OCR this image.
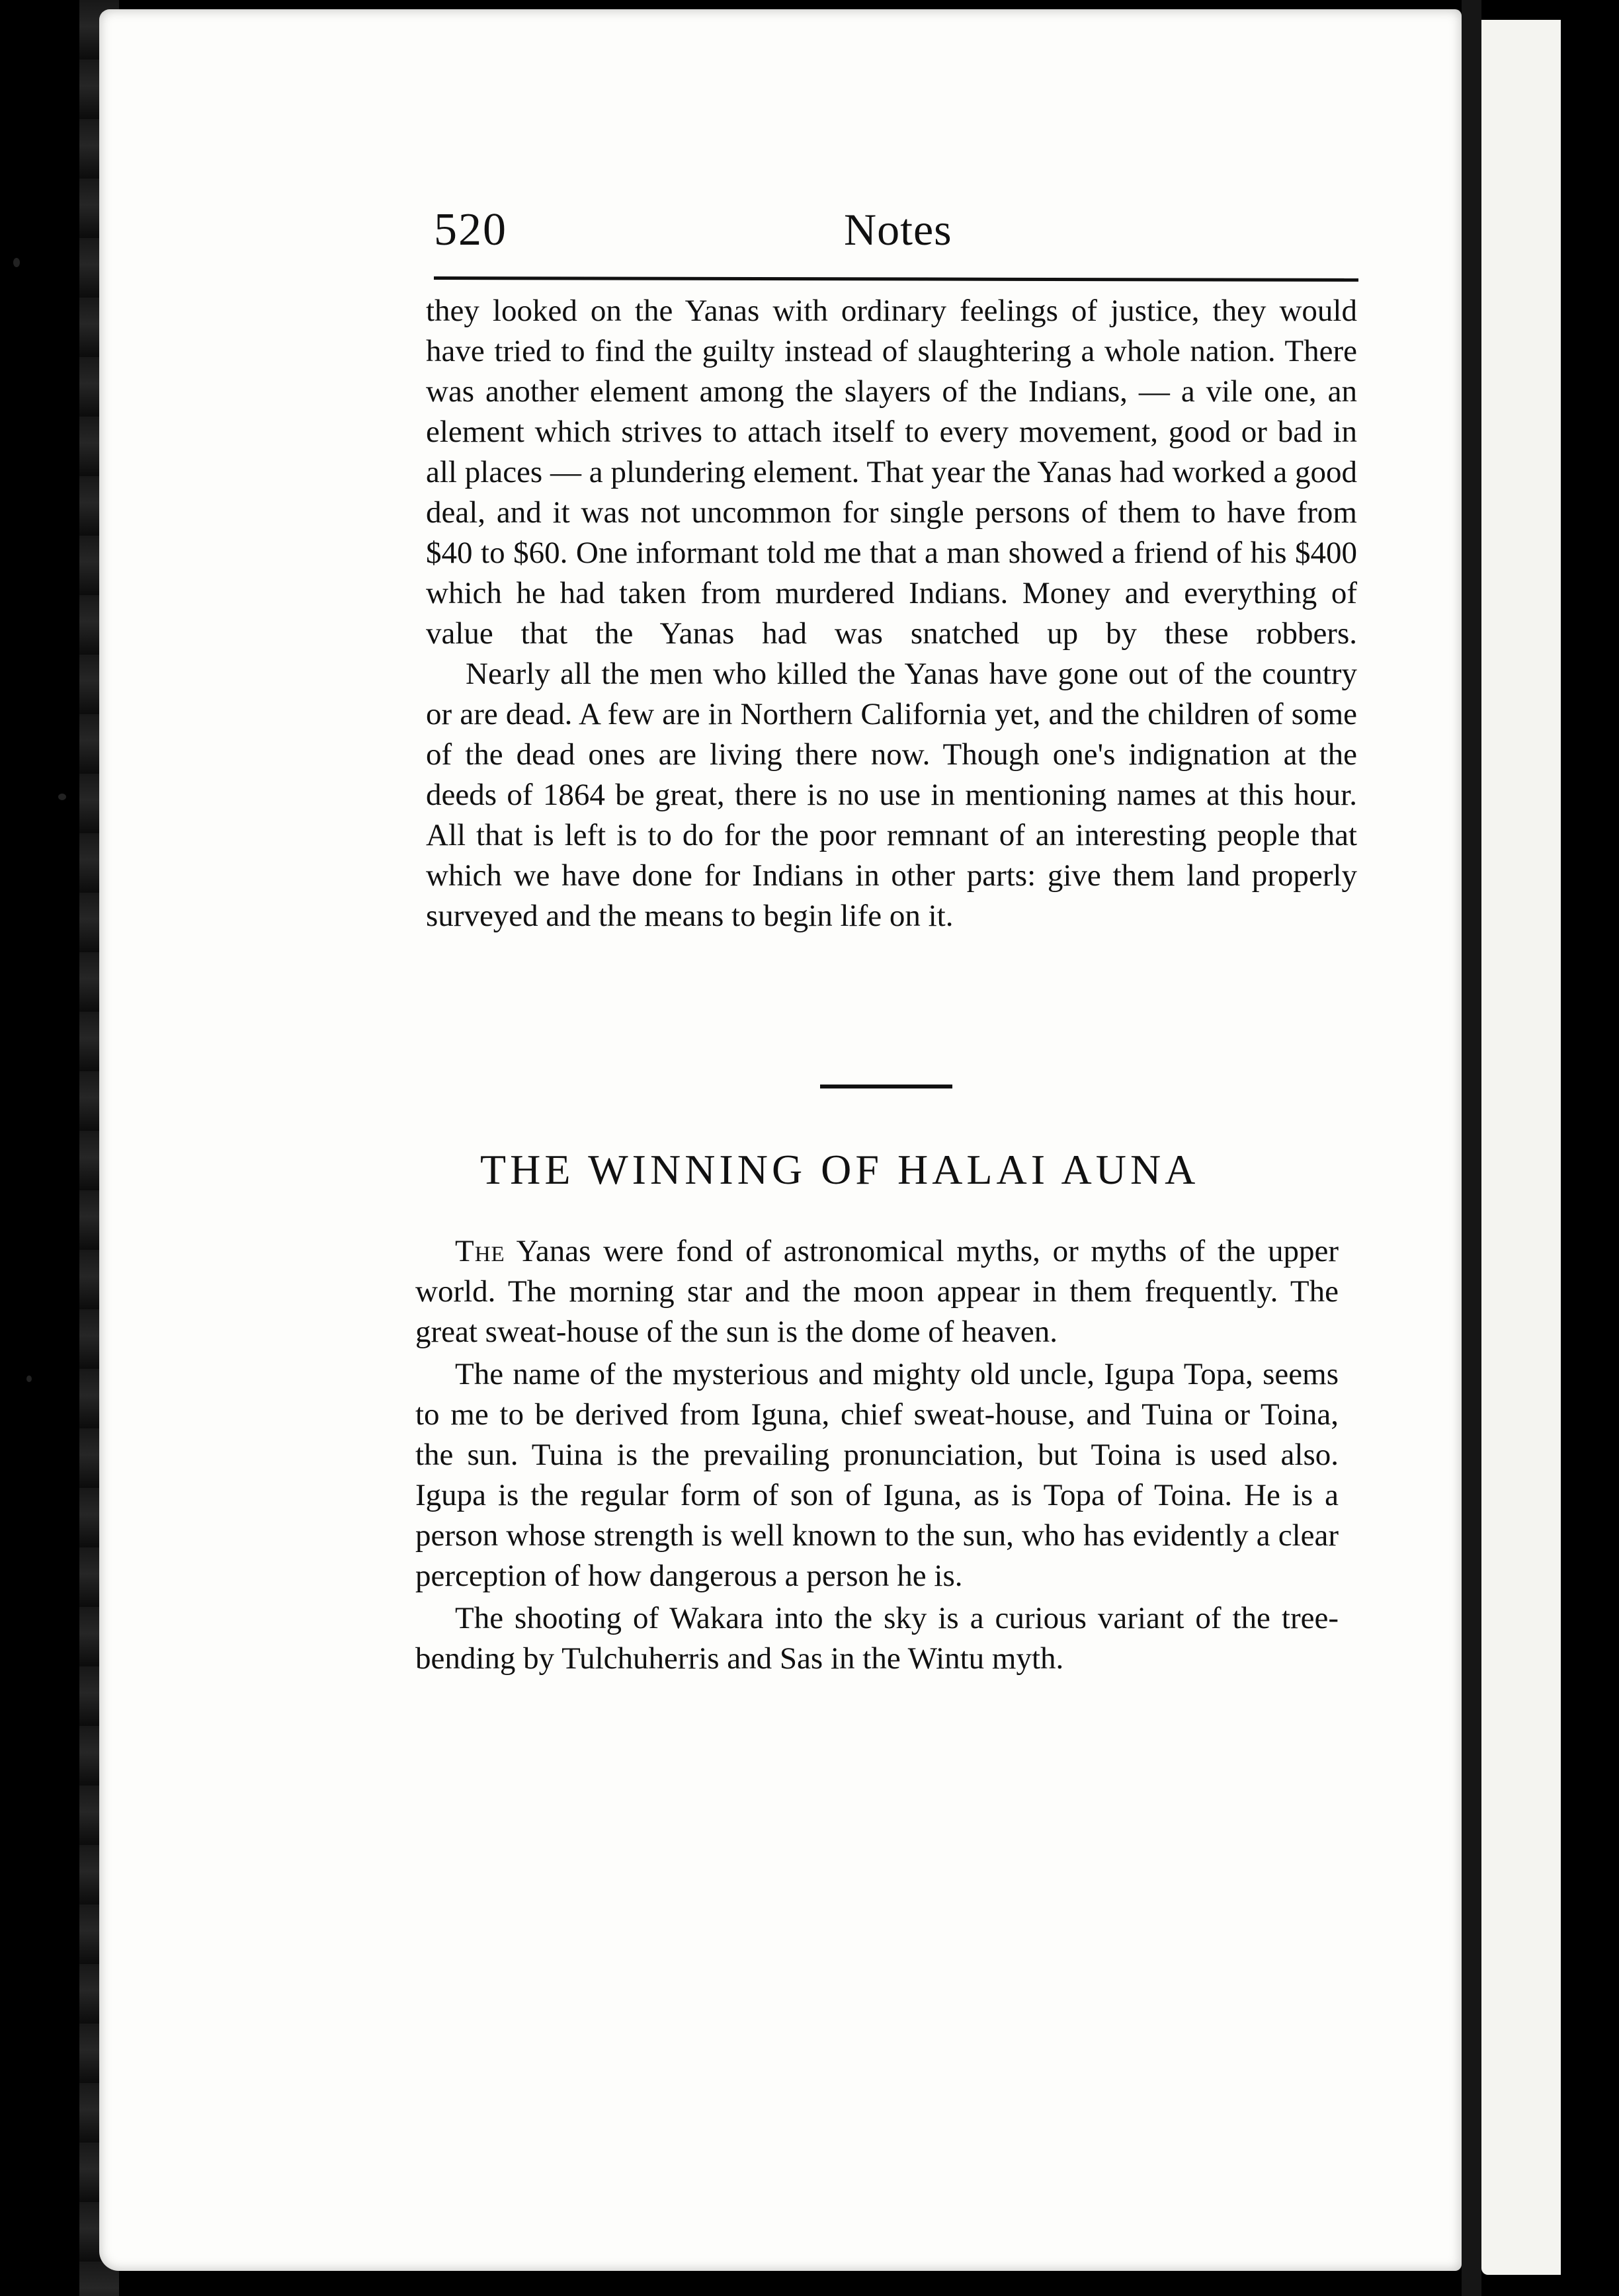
520	Notes

they looked on the Yanas with ordinary feelings of justice, they would have tried to find the guilty instead of slaughtering a whole nation. There was another element among the slayers of the Indians, — a vile one, an element which strives to attach itself to every movement, good or bad in all places — a plundering element. That year the Yanas had worked a good deal, and it was not uncommon for single persons of them to have from $40 to $60. One informant told me that a man showed a friend of his $400 which he had taken from murdered Indians. Money and everything of value that the Yanas had was snatched up by these robbers.

Nearly all the men who killed the Yanas have gone out of the country or are dead. A few are in Northern California yet, and the children of some of the dead ones are living there now. Though one's indignation at the deeds of 1864 be great, there is no use in mentioning names at this hour. All that is left is to do for the poor remnant of an interesting people that which we have done for Indians in other parts: give them land properly surveyed and the means to begin life on it.

THE WINNING OF HALAI AUNA

The Yanas were fond of astronomical myths, or myths of the upper world. The morning star and the moon appear in them frequently. The great sweat-house of the sun is the dome of heaven.

The name of the mysterious and mighty old uncle, Igupa Topa, seems to me to be derived from Iguna, chief sweat-house, and Tuina or Toina, the sun. Tuina is the prevailing pronunciation, but Toina is used also. Igupa is the regular form of son of Iguna, as is Topa of Toina. He is a person whose strength is well known to the sun, who has evidently a clear perception of how dangerous a person he is.

The shooting of Wakara into the sky is a curious variant of the tree-bending by Tulchuherris and Sas in the Wintu myth.
